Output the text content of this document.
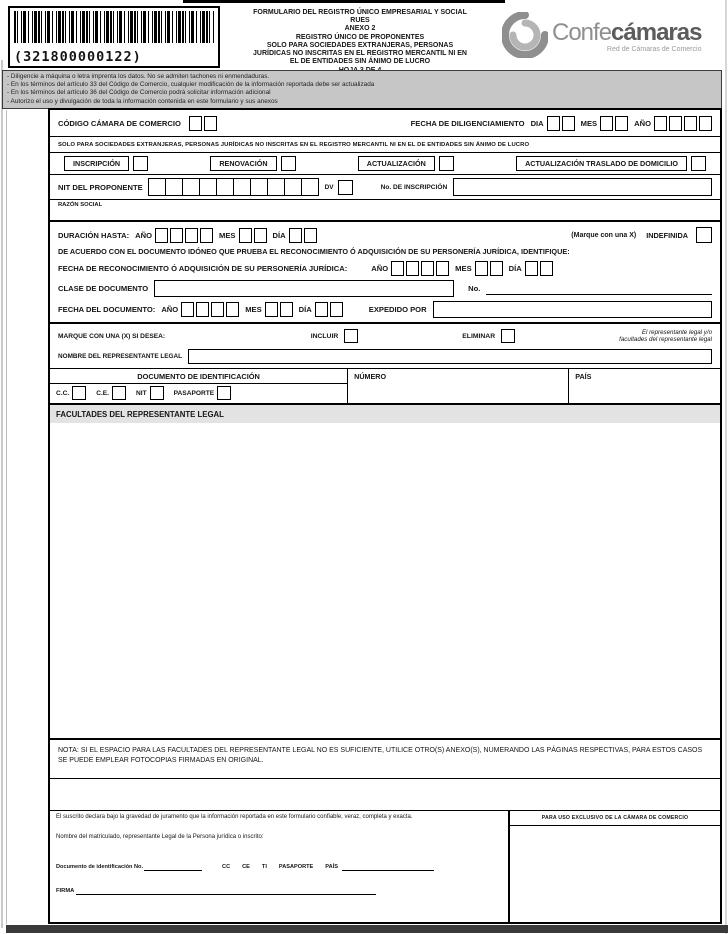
(321800000122)
FORMULARIO DEL REGISTRO ÚNICO EMPRESARIAL Y SOCIAL
RUES
ANEXO 2
REGISTRO ÚNICO DE PROPONENTES
SOLO PARA SOCIEDADES EXTRANJERAS, PERSONAS
JURÍDICAS NO INSCRITAS EN EL REGISTRO MERCANTIL NI EN
EL DE ENTIDADES SIN ÁNIMO DE LUCRO
Confecámaras
Red de Cámaras de Comercio
- Diligencie a máquina o letra imprenta los datos. No se admiten tachones ni enmendaduras.
- En los términos del artículo 33 del Código de Comercio, cualquier modificación de la información reportada debe ser actualizada
- En los términos del artículo 36 del Código de Comercio podrá solicitar información adicional
- Autorizo el uso y divulgación de toda la información contenida en este formulario y sus anexos
CÓDIGO CÁMARA DE COMERCIO	FECHA DE DILIGENCIAMIENTO DIA	MES	AÑO
SOLO PARA SOCIEDADES EXTRANJERAS, PERSONAS JURÍDICAS NO INSCRITAS EN EL REGISTRO MERCANTIL NI EN EL DE ENTIDADES SIN ÁNIMO DE LUCRO
INSCRIPCIÓN	RENOVACIÓN	ACTUALIZACIÓN	ACTUALIZACIÓN TRASLADO DE DOMICILIO
NIT DEL PROPONENTE	DV	No. DE INSCRIPCIÓN
RAZÓN SOCIAL
DURACIÓN HASTA: AÑO	MES	DÍA	(Marque con una X) INDEFINIDA
DE ACUERDO CON EL DOCUMENTO IDÓNEO QUE PRUEBA EL RECONOCIMIENTO Ó ADQUISICIÓN DE SU PERSONERÍA JURÍDICA, IDENTIFIQUE:
FECHA DE RECONOCIMIENTO Ó ADQUISICIÓN DE SU PERSONERÍA JURÍDICA:	AÑO	MES	DÍA
CLASE DE DOCUMENTO	No.
FECHA DEL DOCUMENTO: AÑO	MES	DÍA	EXPEDIDO POR
MARQUE CON UNA (X) SI DESEA:	INCLUIR	ELIMINAR
El representante legal y/o
facultades del representante legal
NOMBRE DEL REPRESENTANTE LEGAL
DOCUMENTO DE IDENTIFICACIÓN
C.C.	C.E.	NIT	PASAPORTE
NÚMERO	PAÍS
FACULTADES DEL REPRESENTANTE LEGAL
NOTA: SI EL ESPACIO PARA LAS FACULTADES DEL REPRESENTANTE LEGAL NO ES SUFICIENTE, UTILICE OTRO(S) ANEXO(S), NUMERANDO LAS PÁGINAS RESPECTIVAS, PARA ESTOS CASOS SE PUEDE EMPLEAR FOTOCOPIAS FIRMADAS EN ORIGINAL.
El suscrito declara bajo la gravedad de juramento que la información reportada en este formulario confiable, veraz, completa y exacta.
Nombre del matriculado, representante Legal de la Persona jurídica o inscrito:
Documento de identificación No.	CC CE TI PASAPORTE PAÍS
FIRMA
PARA USO EXCLUSIVO DE LA CÁMARA DE COMERCIO
